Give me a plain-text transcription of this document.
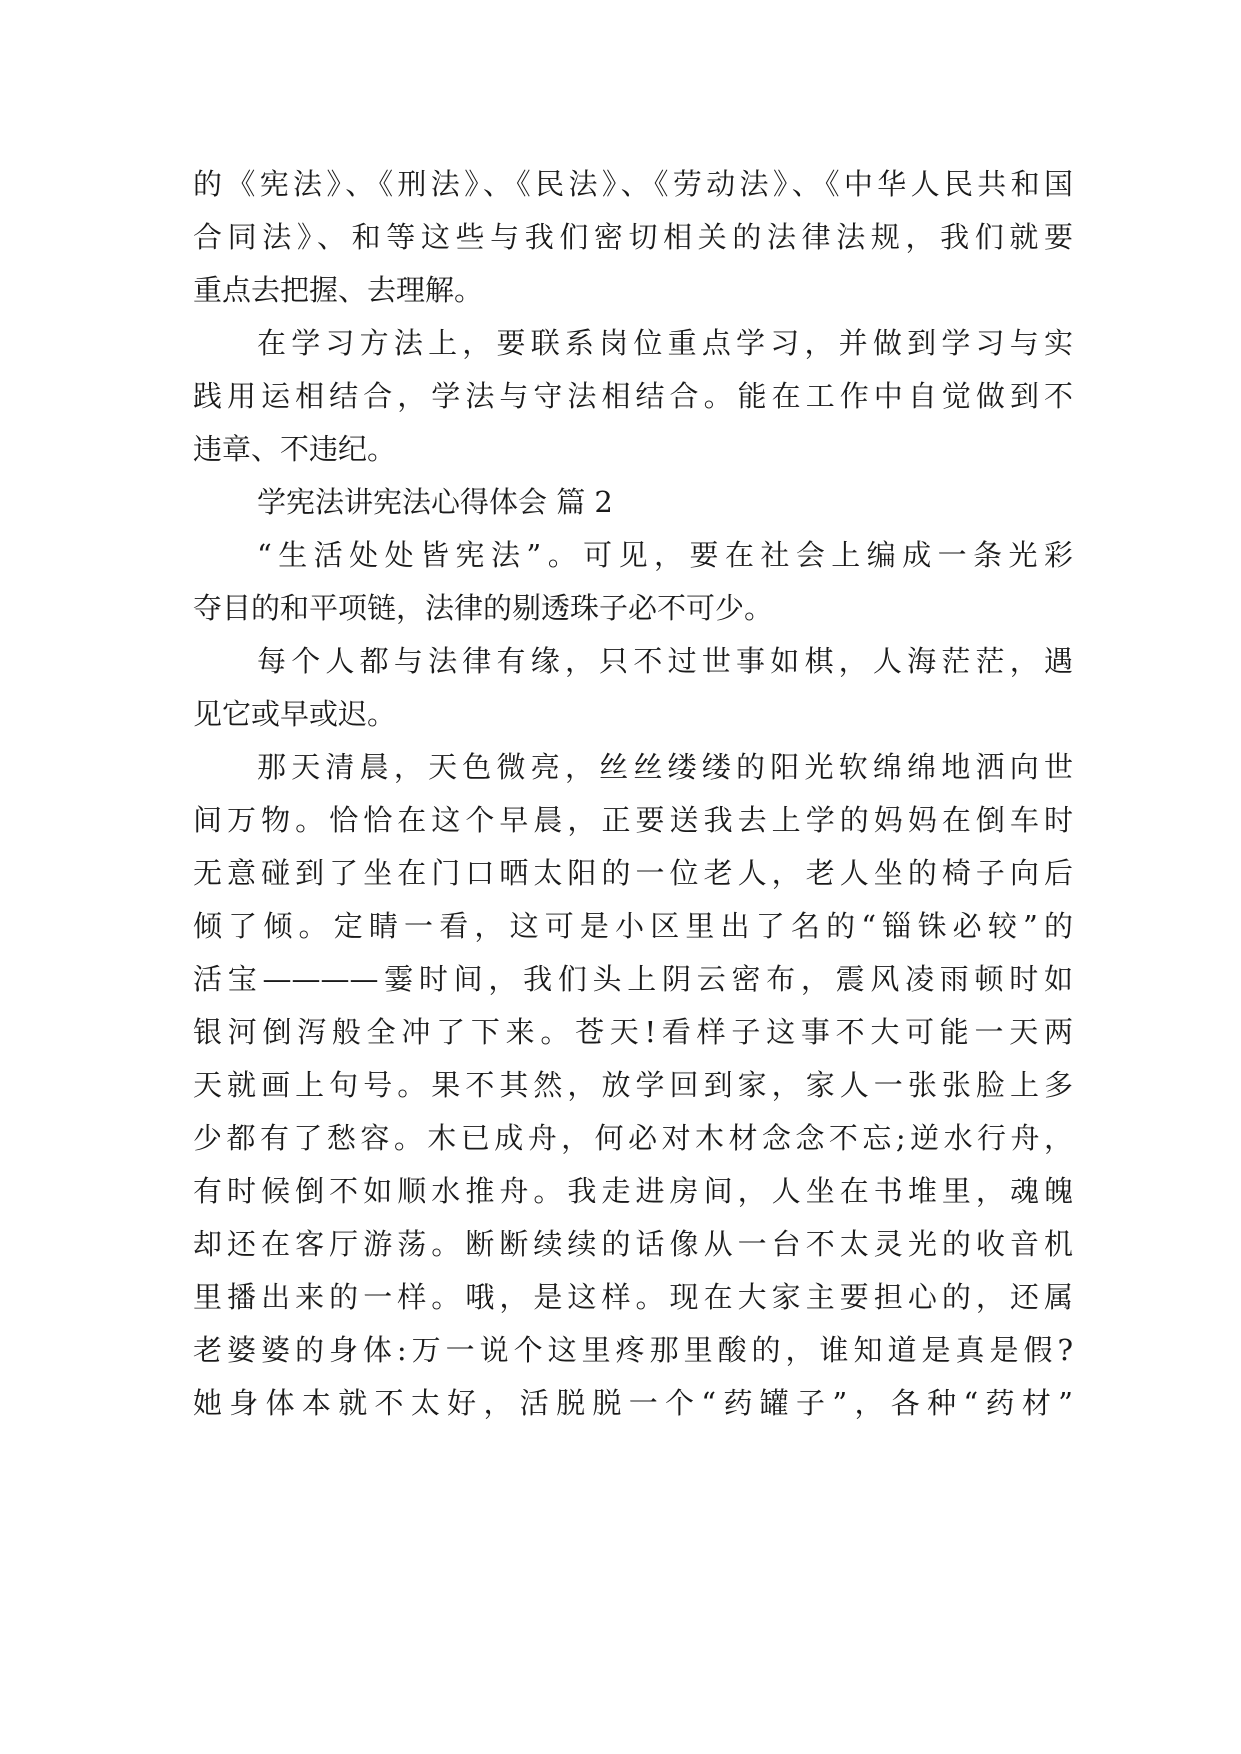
的《宪法》、《刑法》、《民法》、《劳动法》、《中华人民共和国
合同法》、和等这些与我们密切相关的法律法规，我们就要
重点去把握、去理解。
在学习方法上，要联系岗位重点学习，并做到学习与实
践用运相结合，学法与守法相结合。能在工作中自觉做到不
违章、不违纪。
学宪法讲宪法心得体会 篇 2
“生活处处皆宪法”。可见，要在社会上编成一条光彩
夺目的和平项链，法律的剔透珠子必不可少。
每个人都与法律有缘，只不过世事如棋，人海茫茫，遇
见它或早或迟。
那天清晨，天色微亮，丝丝缕缕的阳光软绵绵地洒向世
间万物。恰恰在这个早晨，正要送我去上学的妈妈在倒车时
无意碰到了坐在门口晒太阳的一位老人，老人坐的椅子向后
倾了倾。定睛一看，这可是小区里出了名的“锱铢必较”的
活宝————霎时间，我们头上阴云密布，震风凌雨顿时如
银河倒泻般全冲了下来。苍天!看样子这事不大可能一天两
天就画上句号。果不其然，放学回到家，家人一张张脸上多
少都有了愁容。木已成舟，何必对木材念念不忘;逆水行舟，
有时候倒不如顺水推舟。我走进房间，人坐在书堆里，魂魄
却还在客厅游荡。断断续续的话像从一台不太灵光的收音机
里播出来的一样。哦，是这样。现在大家主要担心的，还属
老婆婆的身体:万一说个这里疼那里酸的，谁知道是真是假?
她身体本就不太好，活脱脱一个“药罐子”，各种“药材”
